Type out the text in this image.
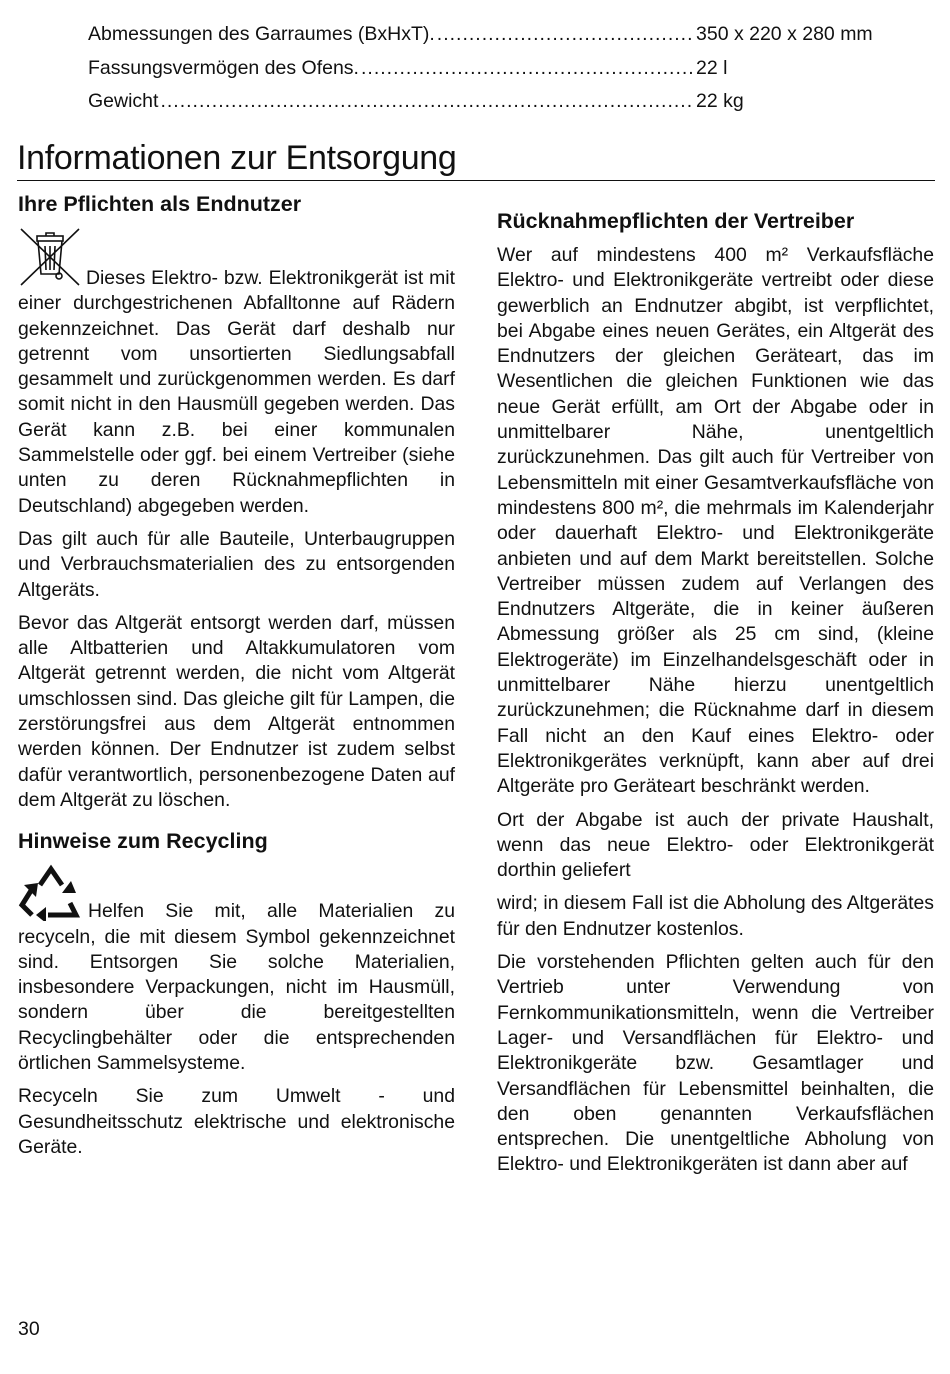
Abmessungen des Garraumes (BxHxT). .....	350 x 220 x 280 mm
Fassungsvermögen des Ofens. .....	22 l
Gewicht .....	22 kg
Informationen zur Entsorgung
Ihre Pflichten als Endnutzer

Dieses Elektro- bzw. Elektronikgerät ist mit einer durchgestrichenen Abfalltonne auf Rädern gekennzeichnet. Das Gerät darf deshalb nur getrennt vom unsortierten Siedlungsabfall gesammelt und zurückgenommen werden. Es darf somit nicht in den Hausmüll gegeben werden. Das Gerät kann z.B. bei einer kommunalen Sammelstelle oder ggf. bei einem Vertreiber (siehe unten zu deren Rücknahmepflichten in Deutschland) abgegeben werden.

Das gilt auch für alle Bauteile, Unterbaugruppen und Verbrauchsmaterialien des zu entsorgenden Altgeräts.

Bevor das Altgerät entsorgt werden darf, müssen alle Altbatterien und Altakkumulatoren vom Altgerät getrennt werden, die nicht vom Altgerät umschlossen sind. Das gleiche gilt für Lampen, die zerstörungsfrei aus dem Altgerät entnommen werden können. Der Endnutzer ist zudem selbst dafür verantwortlich, personenbezogene Daten auf dem Altgerät zu löschen.

Hinweise zum Recycling

Helfen Sie mit, alle Materialien zu recyceln, die mit diesem Symbol gekennzeichnet sind. Entsorgen Sie solche Materialien, insbesondere Verpackungen, nicht im Hausmüll, sondern über die bereitgestellten Recyclingbehälter oder die entsprechenden örtlichen Sammelsysteme.

Recyceln Sie zum Umwelt - und Gesundheitsschutz elektrische und elektronische Geräte.

Rücknahmepflichten der Vertreiber

Wer auf mindestens 400 m² Verkaufsfläche Elektro- und Elektronikgeräte vertreibt oder diese gewerblich an Endnutzer abgibt, ist verpflichtet, bei Abgabe eines neuen Gerätes, ein Altgerät des Endnutzers der gleichen Geräteart, das im Wesentlichen die gleichen Funktionen wie das neue Gerät erfüllt, am Ort der Abgabe oder in unmittelbarer Nähe, unentgeltlich zurückzunehmen. Das gilt auch für Vertreiber von Lebensmitteln mit einer Gesamtverkaufsfläche von mindestens 800 m², die mehrmals im Kalenderjahr oder dauerhaft Elektro- und Elektronikgeräte anbieten und auf dem Markt bereitstellen. Solche Vertreiber müssen zudem auf Verlangen des Endnutzers Altgeräte, die in keiner äußeren Abmessung größer als 25 cm sind, (kleine Elektrogeräte) im Einzelhandelsgeschäft oder in unmittelbarer Nähe hierzu unentgeltlich zurückzunehmen; die Rücknahme darf in diesem Fall nicht an den Kauf eines Elektro- oder Elektronikgerätes verknüpft, kann aber auf drei Altgeräte pro Geräteart beschränkt werden.

Ort der Abgabe ist auch der private Haushalt, wenn das neue Elektro- oder Elektronikgerät dorthin geliefert

wird; in diesem Fall ist die Abholung des Altgerätes für den Endnutzer kostenlos.

Die vorstehenden Pflichten gelten auch für den Vertrieb unter Verwendung von Fernkommunikationsmitteln, wenn die Vertreiber Lager- und Versandflächen für Elektro- und Elektronikgeräte bzw. Gesamtlager und Versandflächen für Lebensmittel beinhalten, die den oben genannten Verkaufsflächen entsprechen. Die unentgeltliche Abholung von Elektro- und Elektronikgeräten ist dann aber auf

30
